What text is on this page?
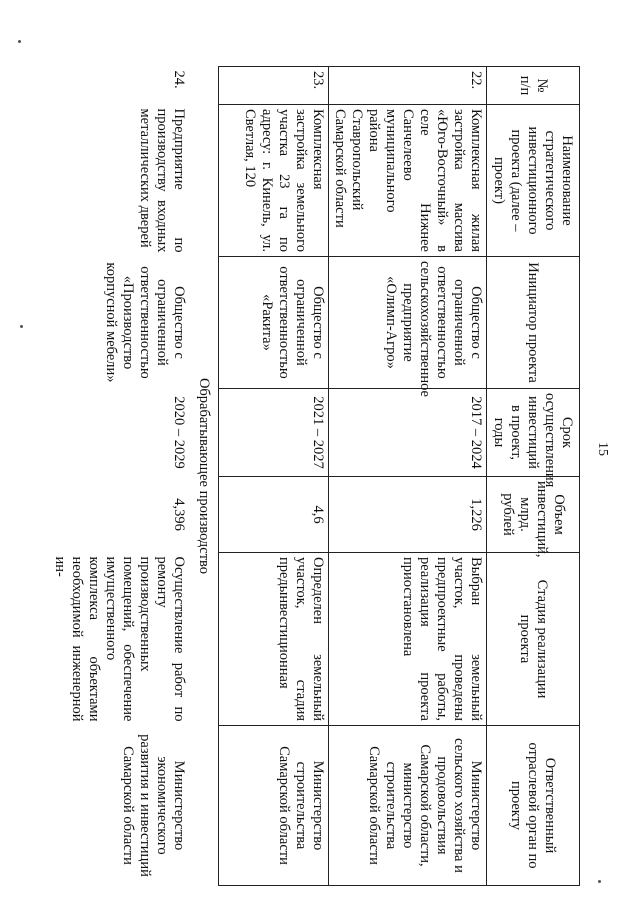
15
№ п/п	Наименование стратегического инвестиционного проекта (далее – проект)	Инициатор проекта	Срок осуществления инвестиций в проект, годы	Объем инвестиций, млрд. рублей	Стадия реализации проекта	Ответственный отраслевой орган по проекту
22.	Комплексная жилая застройка массива «Юго-Восточный» в селе Нижнее Санчелеево муниципального района Ставропольский Самарской области	Общество с ограниченной ответственностью сельскохозяйственное предприятие «Олимп-Агро»	2017 – 2024	1,226	Выбран земельный участок, проведены предпроектные работы, реализация проекта приостановлена	Министерство сельского хозяйства и продовольствия Самарской области, министерство строительства Самарской области
23.	Комплексная застройка земельного участка 23 га по адресу: г. Кинель, ул. Светлая, 120	Общество с ограниченной ответственностью «Ракита»	2021 – 2027	4,6	Определен земельный участок, стадия предынвестиционная	Министерство строительства Самарской области
Обрабатывающее производство						
24.	Предприятие по производству входных металлических дверей	Общество с ограниченной ответственностью «Производство корпусной мебели»	2020 – 2029	4,396	Осуществление работ по ремонту производственных помещений, обеспечение имущественного комплекса объектами необходимой инженерной ин-	Министерство экономического развития и инвестиций Самарской области
